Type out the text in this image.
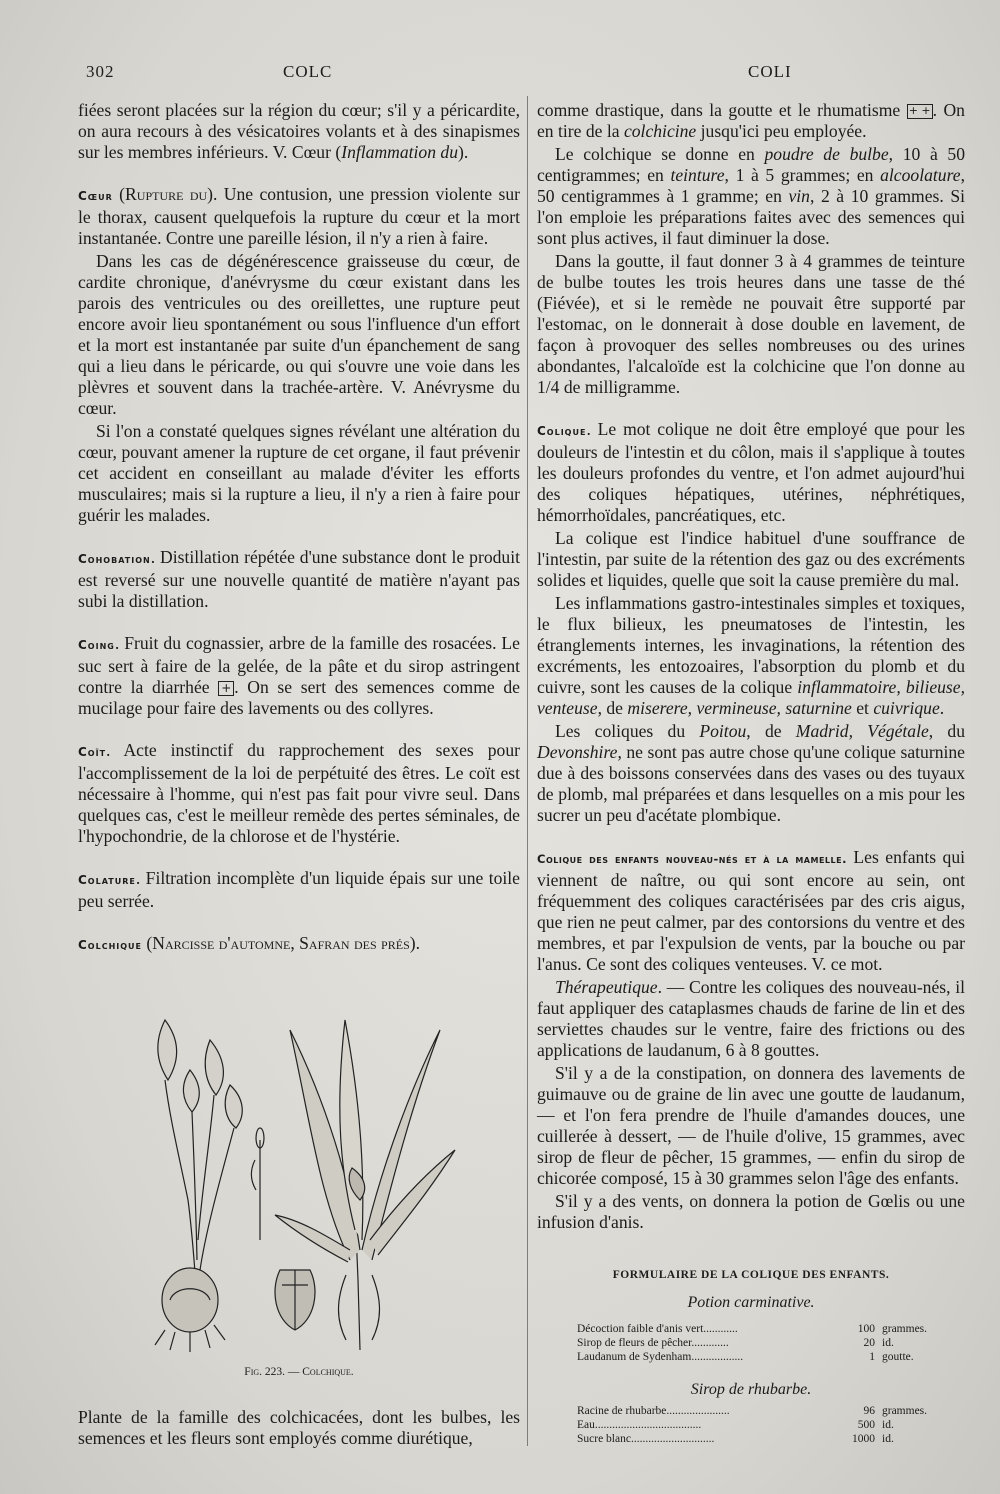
302	COLC	COLI

fiées seront placées sur la région du cœur; s'il y a péricardite, on aura recours à des vésicatoires volants et à des sinapismes sur les membres inférieurs. V. Cœur (Inflammation du).

Cœur (Rupture du). Une contusion, une pression violente sur le thorax, causent quelquefois la rupture du cœur et la mort instantanée. Contre une pareille lésion, il n'y a rien à faire.

Dans les cas de dégénérescence graisseuse du cœur, de cardite chronique, d'anévrysme du cœur existant dans les parois des ventricules ou des oreillettes, une rupture peut encore avoir lieu spontanément ou sous l'influence d'un effort et la mort est instantanée par suite d'un épanchement de sang qui a lieu dans le péricarde, ou qui s'ouvre une voie dans les plèvres et souvent dans la trachée-artère. V. Anévrysme du cœur.

Si l'on a constaté quelques signes révélant une altération du cœur, pouvant amener la rupture de cet organe, il faut prévenir cet accident en conseillant au malade d'éviter les efforts musculaires; mais si la rupture a lieu, il n'y a rien à faire pour guérir les malades.

Cohobation. Distillation répétée d'une substance dont le produit est reversé sur une nouvelle quantité de matière n'ayant pas subi la distillation.

Coing. Fruit du cognassier, arbre de la famille des rosacées. Le suc sert à faire de la gelée, de la pâte et du sirop astringent contre la diarrhée + . On se sert des semences comme de mucilage pour faire des lavements ou des collyres.

Coït. Acte instinctif du rapprochement des sexes pour l'accomplissement de la loi de perpétuité des êtres. Le coït est nécessaire à l'homme, qui n'est pas fait pour vivre seul. Dans quelques cas, c'est le meilleur remède des pertes séminales, de l'hypochondrie, de la chlorose et de l'hystérie.

Colature. Filtration incomplète d'un liquide épais sur une toile peu serrée.

Colchique (Narcisse d'automne, Safran des prés).

Fig. 223. — Colchique.
Plante de la famille des colchicacées, dont les bulbes, les semences et les fleurs sont employés comme diurétique,

comme drastique, dans la goutte et le rhumatisme + + . On en tire de la colchicine jusqu'ici peu employée.

Le colchique se donne en poudre de bulbe, 10 à 50 centigrammes; en teinture, 1 à 5 grammes; en alcoolature, 50 centigrammes à 1 gramme; en vin, 2 à 10 grammes. Si l'on emploie les préparations faites avec des semences qui sont plus actives, il faut diminuer la dose.

Dans la goutte, il faut donner 3 à 4 grammes de teinture de bulbe toutes les trois heures dans une tasse de thé (Fiévée), et si le remède ne pouvait être supporté par l'estomac, on le donnerait à dose double en lavement, de façon à provoquer des selles nombreuses ou des urines abondantes, l'alcaloïde est la colchicine que l'on donne au 1/4 de milligramme.

Colique. Le mot colique ne doit être employé que pour les douleurs de l'intestin et du côlon, mais il s'applique à toutes les douleurs profondes du ventre, et l'on admet aujourd'hui des coliques hépatiques, utérines, néphrétiques, hémorrhoïdales, pancréatiques, etc.

La colique est l'indice habituel d'une souffrance de l'intestin, par suite de la rétention des gaz ou des excréments solides et liquides, quelle que soit la cause première du mal.

Les inflammations gastro-intestinales simples et toxiques, le flux bilieux, les pneumatoses de l'intestin, les étranglements internes, les invaginations, la rétention des excréments, les entozoaires, l'absorption du plomb et du cuivre, sont les causes de la colique inflammatoire, bilieuse, venteuse, de miserere, vermineuse, saturnine et cuivrique.

Les coliques du Poitou, de Madrid, Végétale, du Devonshire, ne sont pas autre chose qu'une colique saturnine due à des boissons conservées dans des vases ou des tuyaux de plomb, mal préparées et dans lesquelles on a mis pour les sucrer un peu d'acétate plombique.

Colique des enfants nouveau-nés et à la mamelle. Les enfants qui viennent de naître, ou qui sont encore au sein, ont fréquemment des coliques caractérisées par des cris aigus, que rien ne peut calmer, par des contorsions du ventre et des membres, et par l'expulsion de vents, par la bouche ou par l'anus. Ce sont des coliques venteuses. V. ce mot.

Thérapeutique. — Contre les coliques des nouveau-nés, il faut appliquer des cataplasmes chauds de farine de lin et des serviettes chaudes sur le ventre, faire des frictions ou des applications de laudanum, 6 à 8 gouttes.

S'il y a de la constipation, on donnera des lavements de guimauve ou de graine de lin avec une goutte de laudanum, — et l'on fera prendre de l'huile d'amandes douces, une cuillerée à dessert, — de l'huile d'olive, 15 grammes, avec sirop de fleur de pêcher, 15 grammes, — enfin du sirop de chicorée composé, 15 à 30 grammes selon l'âge des enfants.

S'il y a des vents, on donnera la potion de Gœlis ou une infusion d'anis.

FORMULAIRE DE LA COLIQUE DES ENFANTS.
Potion carminative.
Décoction faible d'anis vert............	100 grammes.
Sirop de fleurs de pêcher.............	20 id.
Laudanum de Sydenham..................	1 goutte.
Sirop de rhubarbe.
Racine de rhubarbe......................	96 grammes.
Eau.....................................	500 id.
Sucre blanc.............................	1000 id.
